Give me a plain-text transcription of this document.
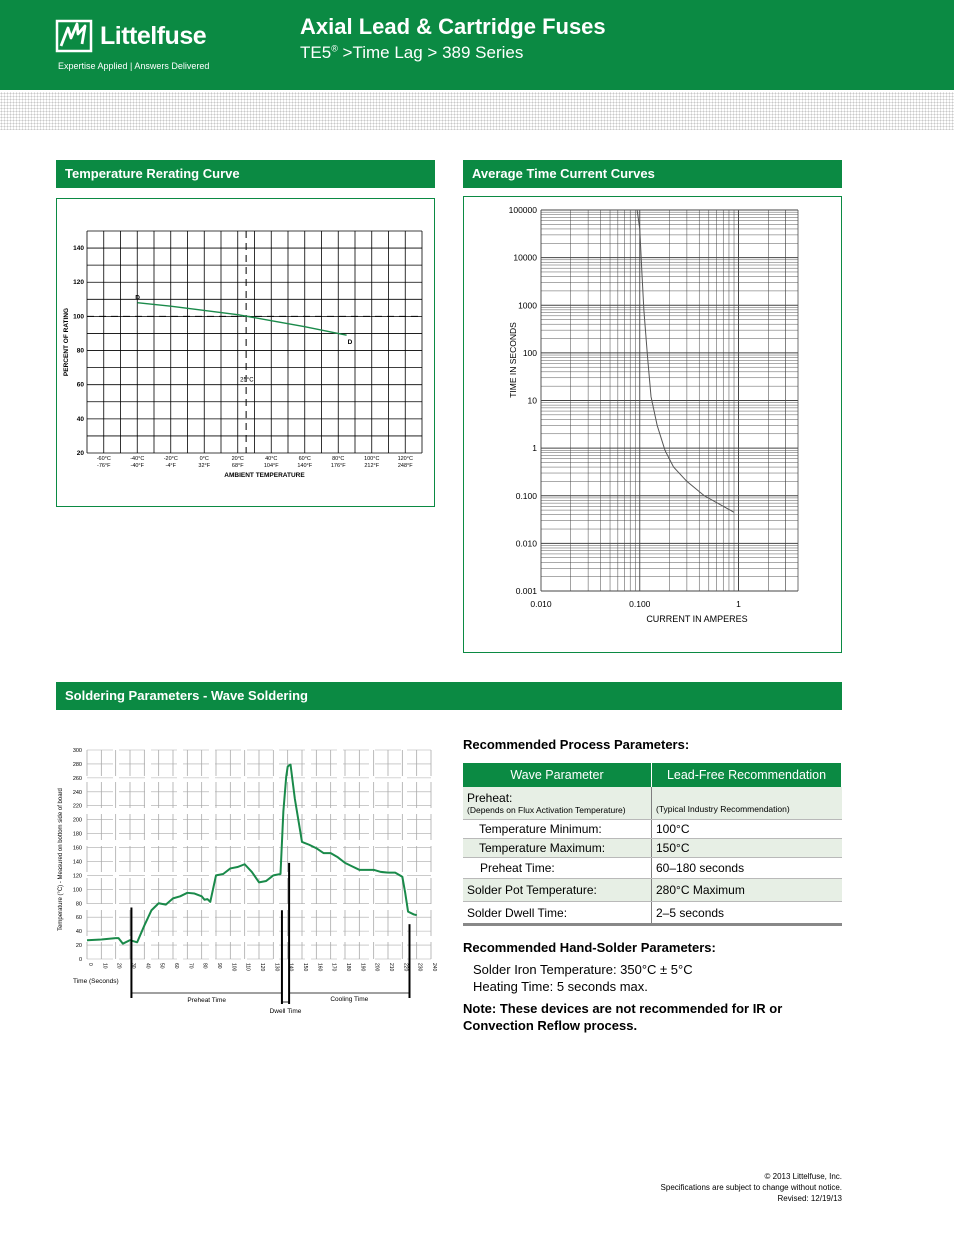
Littelfuse
Expertise Applied | Answers Delivered
Axial Lead & Cartridge Fuses
TE5® >Time Lag > 389 Series
Temperature Rerating Curve	Average Time Current Curves
Soldering Parameters - Wave Soldering
25°C
20
40
60
80
100
120
140
-60°C
-76°F
-40°C
-40°F
-20°C
-4°F
0°C
32°F
20°C
68°F
40°C
104°F
60°C
140°F
80°C
176°F
100°C
212°F
120°C
248°F
AMBIENT TEMPERATURE
PERCENT OF RATING
D
D
100000
10000
1000
100
10
1
0.100
0.010
0.001
0.010	0.100	1
CURRENT IN AMPERES
TIME IN SECONDS
0
20
40
60
80
100
120
140
160
180
200
220
240
260
280
300
0 10 20 30 40 50 60 70 80 90 100 110 120 130 140 150 160 170 180 190 200 210 220 230 240
Time (Seconds)
Temperature (°C) - Measured on bottom side of board
Preheat Time
Dwell Time
Cooling Time
Recommended Process Parameters:
Wave Parameter	Lead-Free Recommendation
Preheat:
(Depends on Flux Activation Temperature)	(Typical Industry Recommendation)

Temperature Minimum:	100°C
Temperature Maximum:	150°C
Preheat Time:	60–180 seconds
Solder Pot Temperature:	280°C Maximum
Solder Dwell Time:	2–5 seconds
Recommended Hand-Solder Parameters:
Solder Iron Temperature: 350°C ± 5°C
Heating Time: 5 seconds max.
Note: These devices are not recommended for IR or Convection Reflow process.
© 2013 Littelfuse, Inc.
Specifications are subject to change without notice.
Revised: 12/19/13
